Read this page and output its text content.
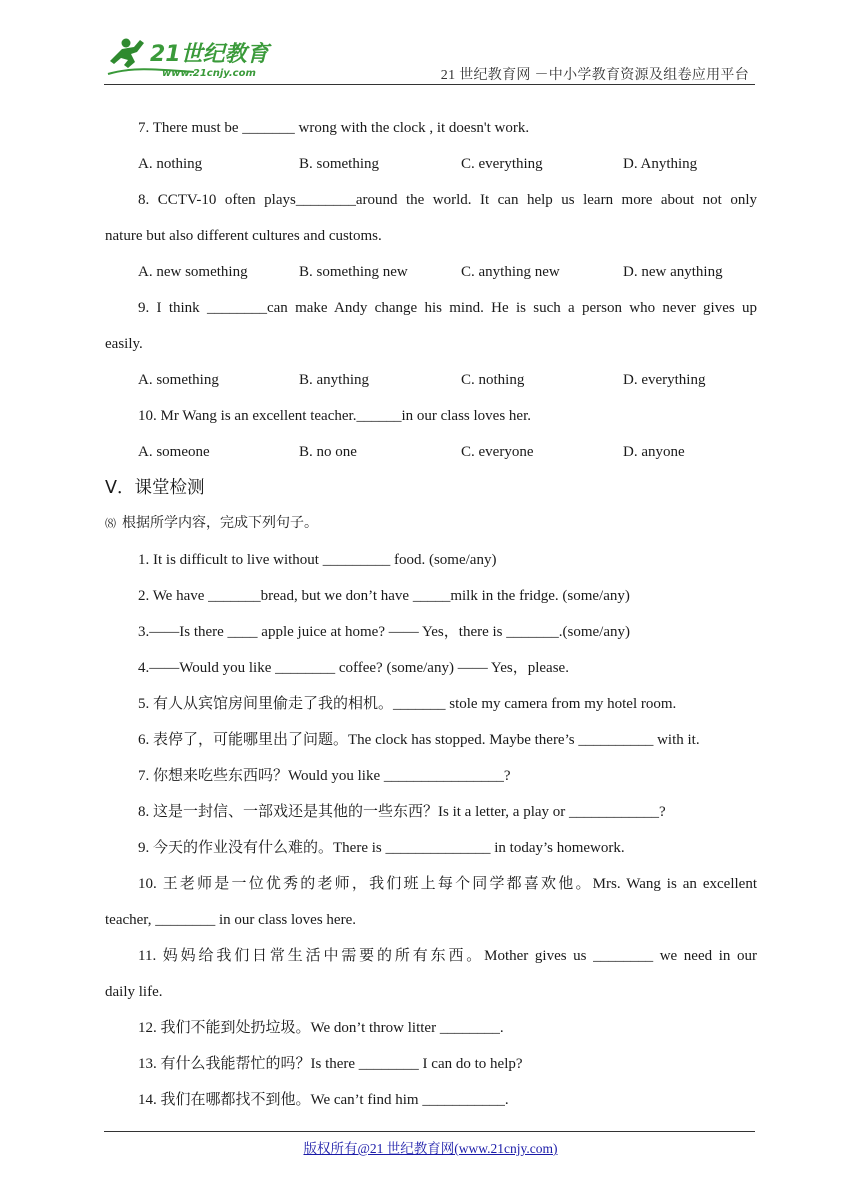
21世纪教育
www.21cnjy.com	21 世纪教育网 －中小学教育资源及组卷应用平台
7. There must be _______ wrong with the clock , it doesn't work.
A. nothing	B. something	C. everything	D. Anything
8. CCTV-10 often plays________around the world. It can help us learn more about not only
nature but also different cultures and customs.
A. new something	B. something new	C. anything new	D. new anything
9. I think ________can make Andy change his mind. He is such a person who never gives up
easily.
A. something	B. anything	C. nothing	D. everything
10. Mr Wang is an excellent teacher.______in our class loves her.
A. someone	B. no one	C. everyone	D. anyone
Ⅴ．课堂检测
⑻ 根据所学内容，完成下列句子。
1. It is difficult to live without _________ food. (some/any)
2. We have _______bread, but we don’t have _____milk in the fridge. (some/any)
3.——Is there ____ apple juice at home? —— Yes，there is _______.(some/any)
4.——Would you like ________ coffee? (some/any) —— Yes，please.
5. 有人从宾馆房间里偷走了我的相机。_______ stole my camera from my hotel room.
6. 表停了，可能哪里出了问题。The clock has stopped. Maybe there’s __________ with it.
7. 你想来吃些东西吗？Would you like ________________?
8. 这是一封信、一部戏还是其他的一些东西？Is it a letter, a play or ____________?
9. 今天的作业没有什么难的。There is ______________ in today’s homework.
10. 王老师是一位优秀的老师，我们班上每个同学都喜欢他。Mrs. Wang is an excellent
teacher, ________ in our class loves here.
11. 妈妈给我们日常生活中需要的所有东西。Mother gives us ________ we need in our
daily life.
12. 我们不能到处扔垃圾。We don’t throw litter ________.
13. 有什么我能帮忙的吗？Is there ________ I can do to help?
14. 我们在哪都找不到他。We can’t find him ___________.
版权所有@21 世纪教育网(www.21cnjy.com)
